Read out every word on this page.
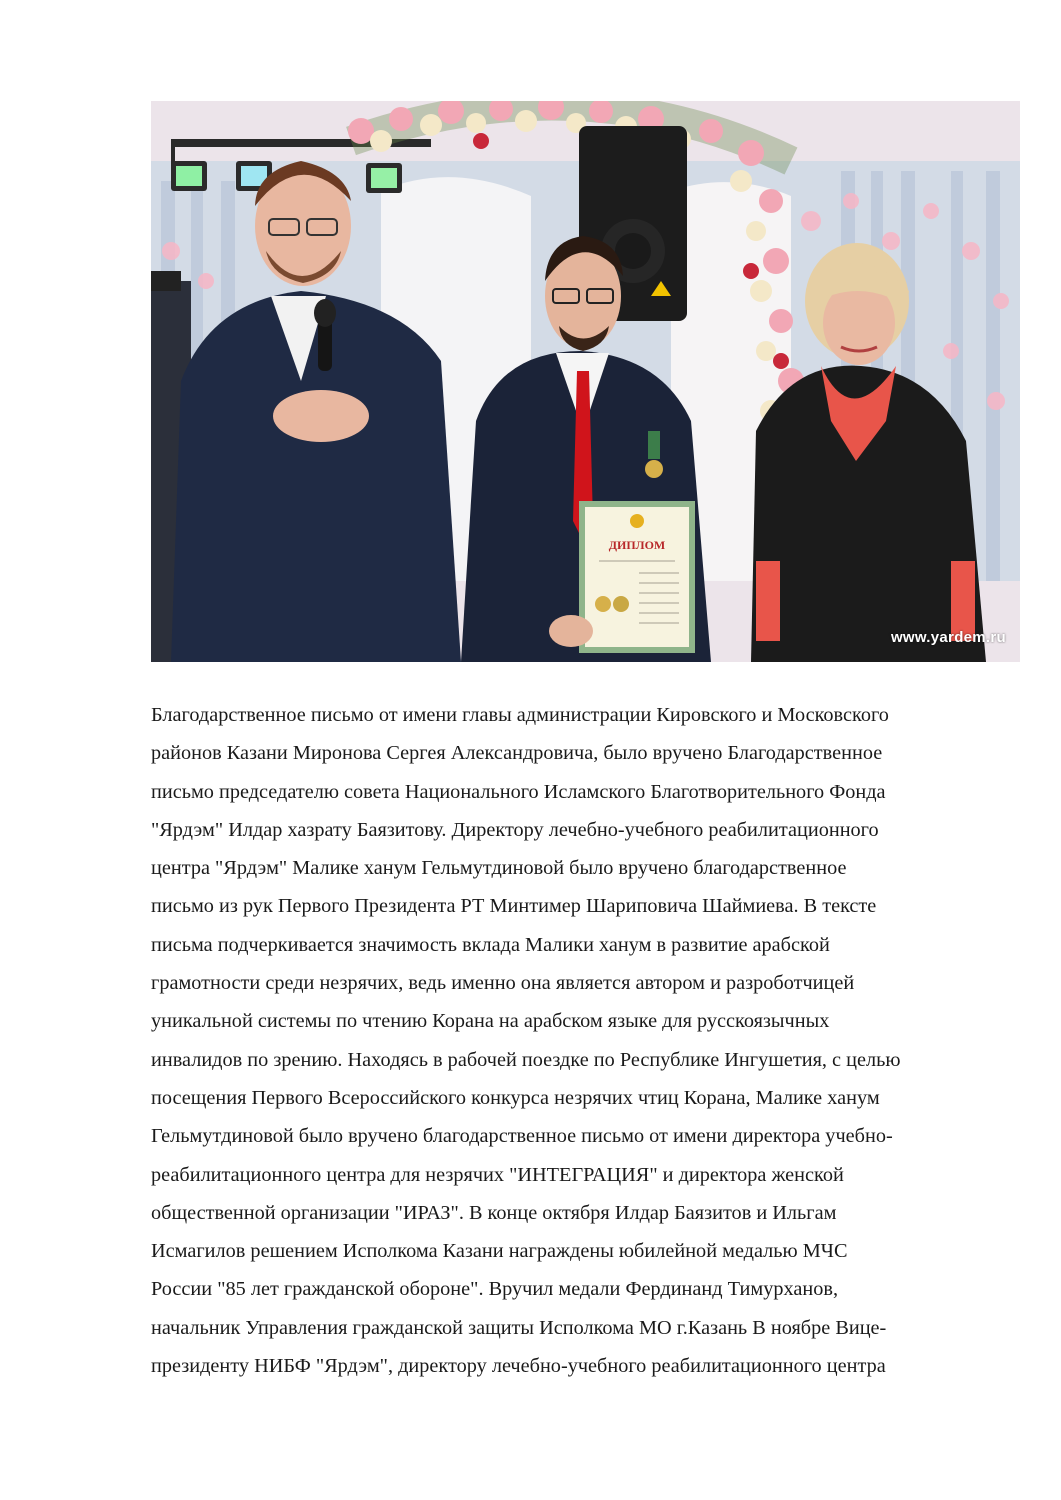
ДИПЛОМ
www.yardem.ru
Благодарственное письмо от имени главы администрации Кировского и Московского
районов Казани Миронова Сергея Александровича, было вручено Благодарственное
письмо председателю совета Национального Исламского Благотворительного Фонда
"Ярдэм" Илдар хазрату Баязитову. Директору лечебно-учебного реабилитационного
центра "Ярдэм" Малике ханум Гельмутдиновой было вручено благодарственное
письмо из рук Первого Президента РТ Минтимер Шариповича Шаймиева. В тексте
письма подчеркивается значимость вклада Малики ханум в развитие арабской
грамотности среди незрячих, ведь именно она является автором и разроботчицей
уникальной системы по чтению Корана на арабском языке для русскоязычных
инвалидов по зрению. Находясь в рабочей поездке по Республике Ингушетия, с целью
посещения Первого Всероссийского конкурса незрячих чтиц Корана, Малике ханум
Гельмутдиновой было вручено благодарственное письмо от имени директора учебно-
реабилитационного центра для незрячих "ИНТЕГРАЦИЯ" и директора женской
общественной организации "ИРАЗ". В конце октября Илдар Баязитов и Ильгам
Исмагилов решением Исполкома Казани награждены юбилейной медалью МЧС
России "85 лет гражданской обороне". Вручил медали Фердинанд Тимурханов,
начальник Управления гражданской защиты Исполкома МО г.Казань В ноябре Вице-
президенту НИБФ "Ярдэм", директору лечебно-учебного реабилитационного центра
